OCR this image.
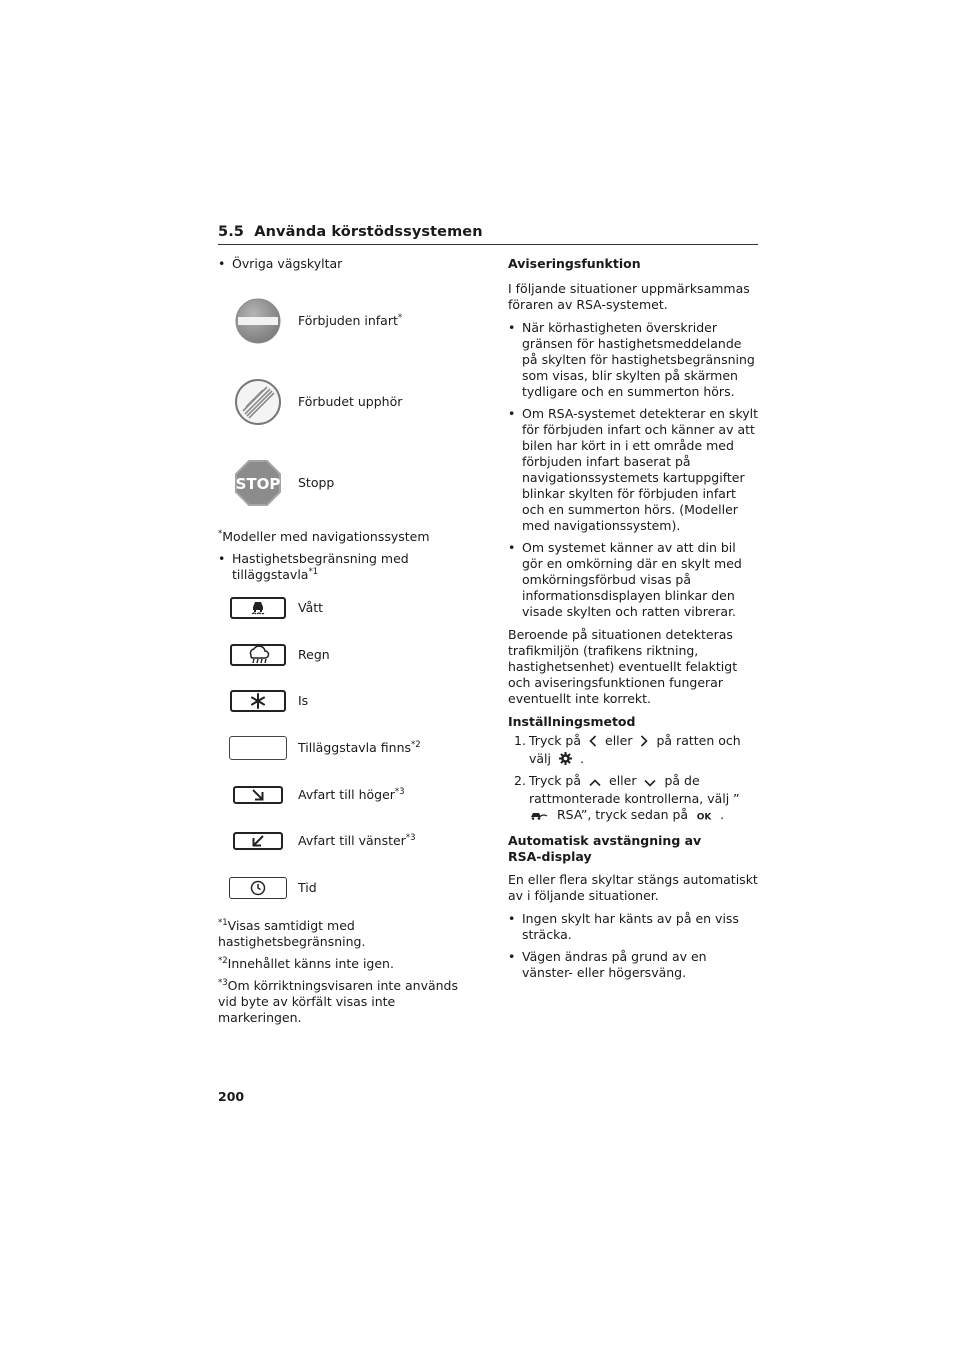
5.5 Använda körstödssystemen
• Övriga vägskyltar
Förbjuden infart*
Förbudet upphör
STOP Stopp
*Modeller med navigationssystem
• Hastighetsbegränsning med tilläggstavla$^{*1}$
Vått
Regn
Is
Tilläggstavla finns$^{*2}$
Avfart till höger$^{*3}$
Avfart till vänster$^{*3}$
Tid
$^{*1}$Visas samtidigt med hastighetsbegränsning.
$^{*2}$Innehållet känns inte igen.
$^{*3}$Om körriktningsvisaren inte används vid byte av körfält visas inte markeringen.
Aviseringsfunktion
I följande situationer uppmärksammas föraren av RSA-systemet.
• När körhastigheten överskrider gränsen för hastighetsmeddelande på skylten för hastighetsbegränsning som visas, blir skylten på skärmen tydligare och en summerton hörs.
• Om RSA-systemet detekterar en skylt för förbjuden infart och känner av att bilen har kört in i ett område med förbjuden infart baserat på navigationssystemets kartuppgifter blinkar skylten för förbjuden infart och en summerton hörs. (Modeller med navigationssystem).
• Om systemet känner av att din bil gör en omkörning där en skylt med omkörningsförbud visas på informationsdisplayen blinkar den visade skylten och ratten vibrerar.
Beroende på situationen detekteras trafikmiljön (trafikens riktning, hastighetsenhet) eventuellt felaktigt och aviseringsfunktionen fungerar eventuellt inte korrekt.
Inställningsmetod
1. Tryck på eller på ratten och
välj .
2. Tryck på eller på de
rattmonterade kontrollerna, välj ”
RSA”, tryck sedan på OK .
Automatisk avstängning av
RSA-display
En eller flera skyltar stängs automatiskt av i följande situationer.
• Ingen skylt har känts av på en viss sträcka.
• Vägen ändras på grund av en vänster- eller högersväng.
200
